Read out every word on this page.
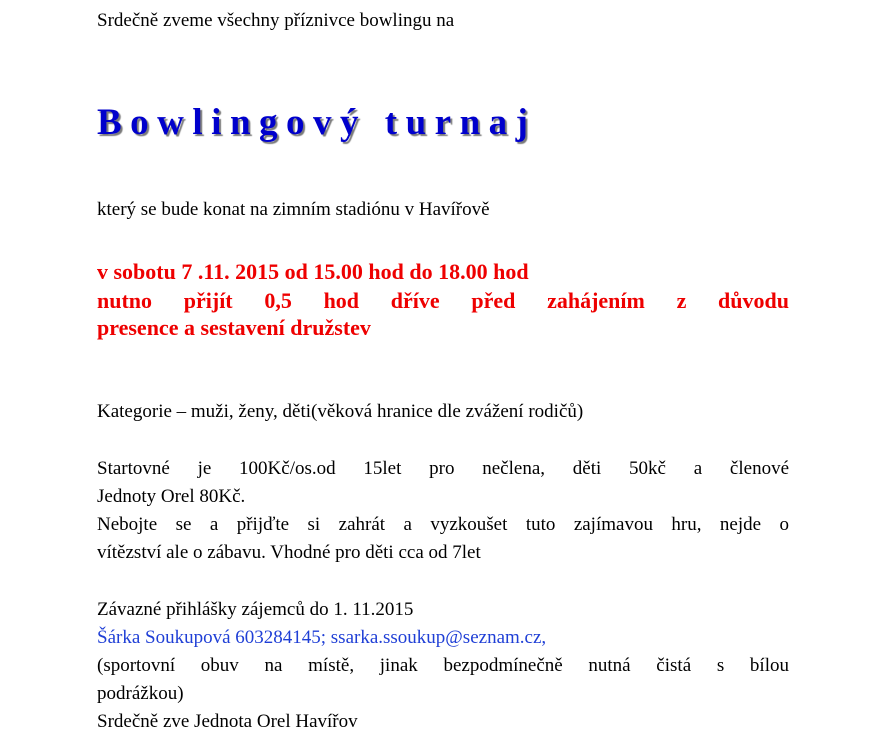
Srdečně zveme všechny příznivce bowlingu na

Bowlingový turnaj

který se bude konat na zimním stadiónu v Havířově

v sobotu 7 .11. 2015 od 15.00 hod do 18.00 hod

nutno přijít 0,5 hod dříve před zahájením z důvodu

presence a sestavení družstev

Kategorie – muži, ženy, děti(věková hranice dle zvážení rodičů)

Startovné je 100Kč/os.od 15let pro nečlena, děti 50kč a členové

Jednoty Orel 80Kč.

Nebojte se a přijďte si zahrát a vyzkoušet tuto zajímavou hru, nejde o

vítězství ale o zábavu. Vhodné pro děti cca od 7let

Závazné přihlášky zájemců do 1. 11.2015

Šárka Soukupová 603284145; ssarka.ssoukup@seznam.cz,

(sportovní obuv na místě, jinak bezpodmínečně nutná čistá s bílou

podrážkou)

Srdečně zve Jednota Orel Havířov
